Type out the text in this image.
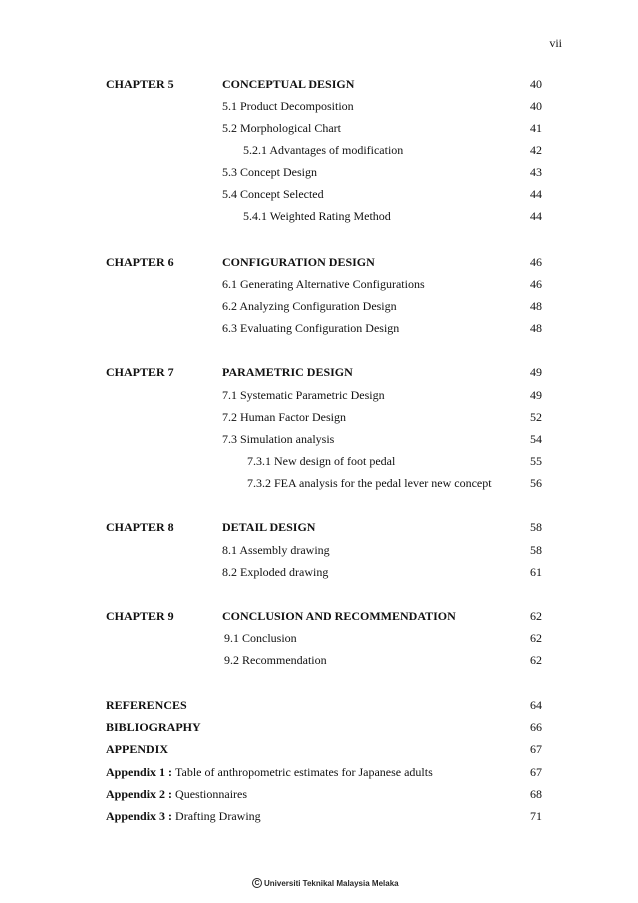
vii
CHAPTER 5	CONCEPTUAL DESIGN	40
5.1 Product Decomposition	40
5.2 Morphological Chart	41
5.2.1 Advantages of modification	42
5.3 Concept Design	43
5.4 Concept Selected	44
5.4.1 Weighted Rating Method	44
CHAPTER 6	CONFIGURATION DESIGN	46
6.1 Generating Alternative Configurations	46
6.2 Analyzing Configuration Design	48
6.3 Evaluating Configuration Design	48
CHAPTER 7	PARAMETRIC DESIGN	49
7.1 Systematic Parametric Design	49
7.2 Human Factor Design	52
7.3 Simulation analysis	54
7.3.1 New design of foot pedal	55
7.3.2 FEA analysis for the pedal lever new concept	56
CHAPTER 8	DETAIL DESIGN	58
8.1 Assembly drawing	58
8.2 Exploded drawing	61
CHAPTER 9	CONCLUSION AND RECOMMENDATION	62
9.1 Conclusion	62
9.2 Recommendation	62
REFERENCES	64
BIBLIOGRAPHY	66
APPENDIX	67
Appendix 1 : Table of anthropometric estimates for Japanese adults	67
Appendix 2 : Questionnaires	68
Appendix 3 : Drafting Drawing	71
C Universiti Teknikal Malaysia Melaka
